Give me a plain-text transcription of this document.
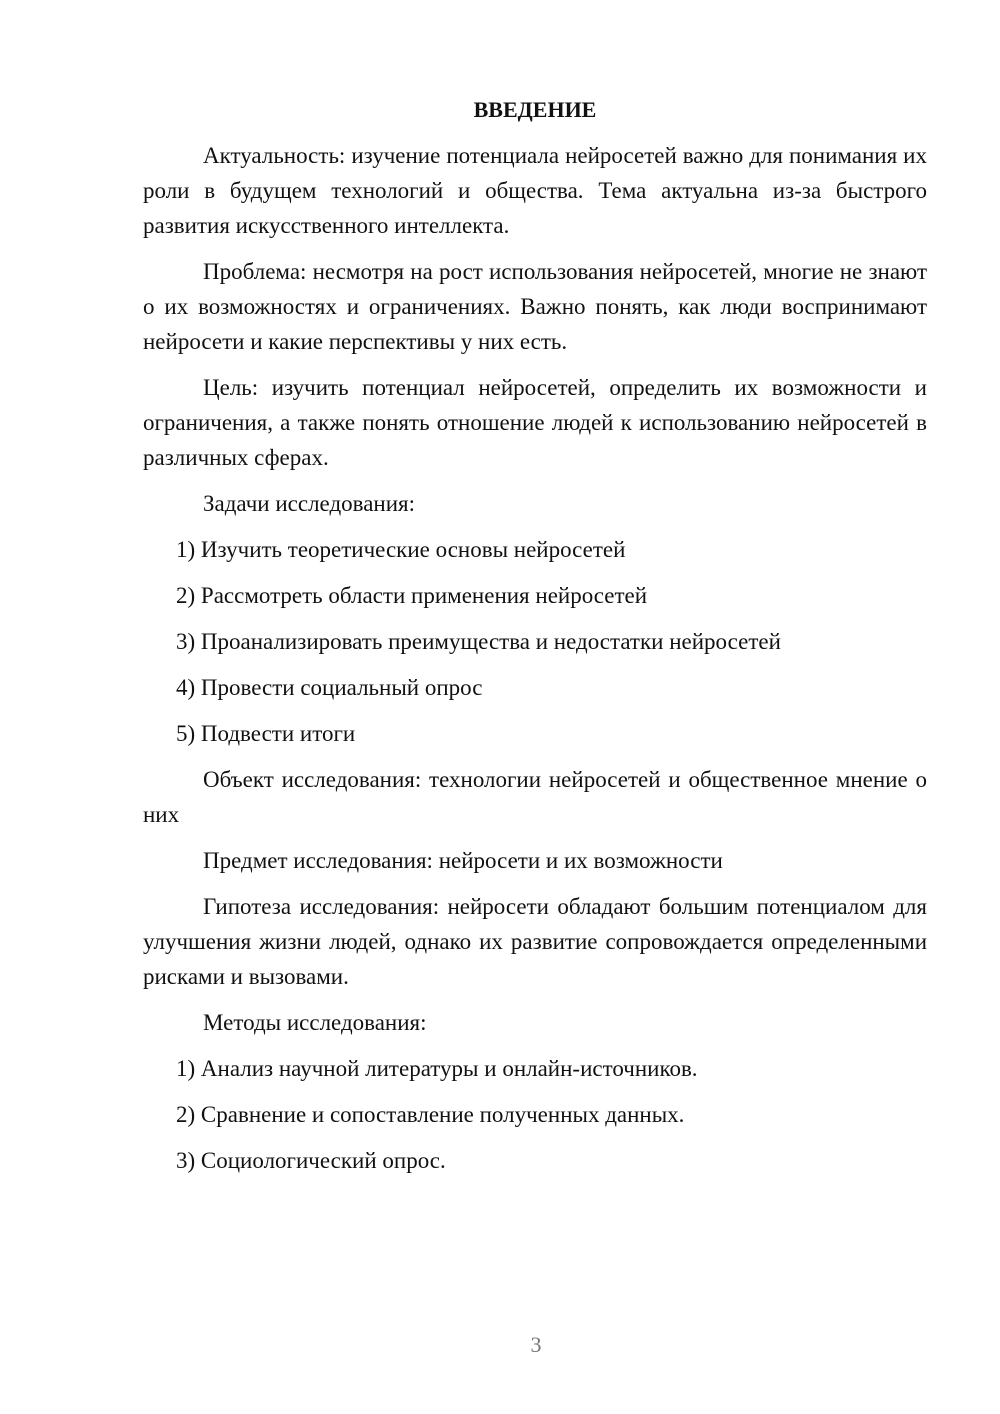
ВВЕДЕНИЕ
Актуальность: изучение потенциала нейросетей важно для понимания их роли в будущем технологий и общества. Тема актуальна из-за быстрого развития искусственного интеллекта.
Проблема: несмотря на рост использования нейросетей, многие не знают о их возможностях и ограничениях. Важно понять, как люди воспринимают нейросети и какие перспективы у них есть.
Цель: изучить потенциал нейросетей, определить их возможности и ограничения, а также понять отношение людей к использованию нейросетей в различных сферах.
Задачи исследования:
1) Изучить теоретические основы нейросетей
2) Рассмотреть области применения нейросетей
3) Проанализировать преимущества и недостатки нейросетей
4) Провести социальный опрос
5) Подвести итоги
Объект исследования: технологии нейросетей и общественное мнение о них
Предмет исследования: нейросети и их возможности
Гипотеза исследования: нейросети обладают большим потенциалом для улучшения жизни людей, однако их развитие сопровождается определенными рисками и вызовами.
Методы исследования:
1) Анализ научной литературы и онлайн-источников.
2) Сравнение и сопоставление полученных данных.
3) Социологический опрос.
3
